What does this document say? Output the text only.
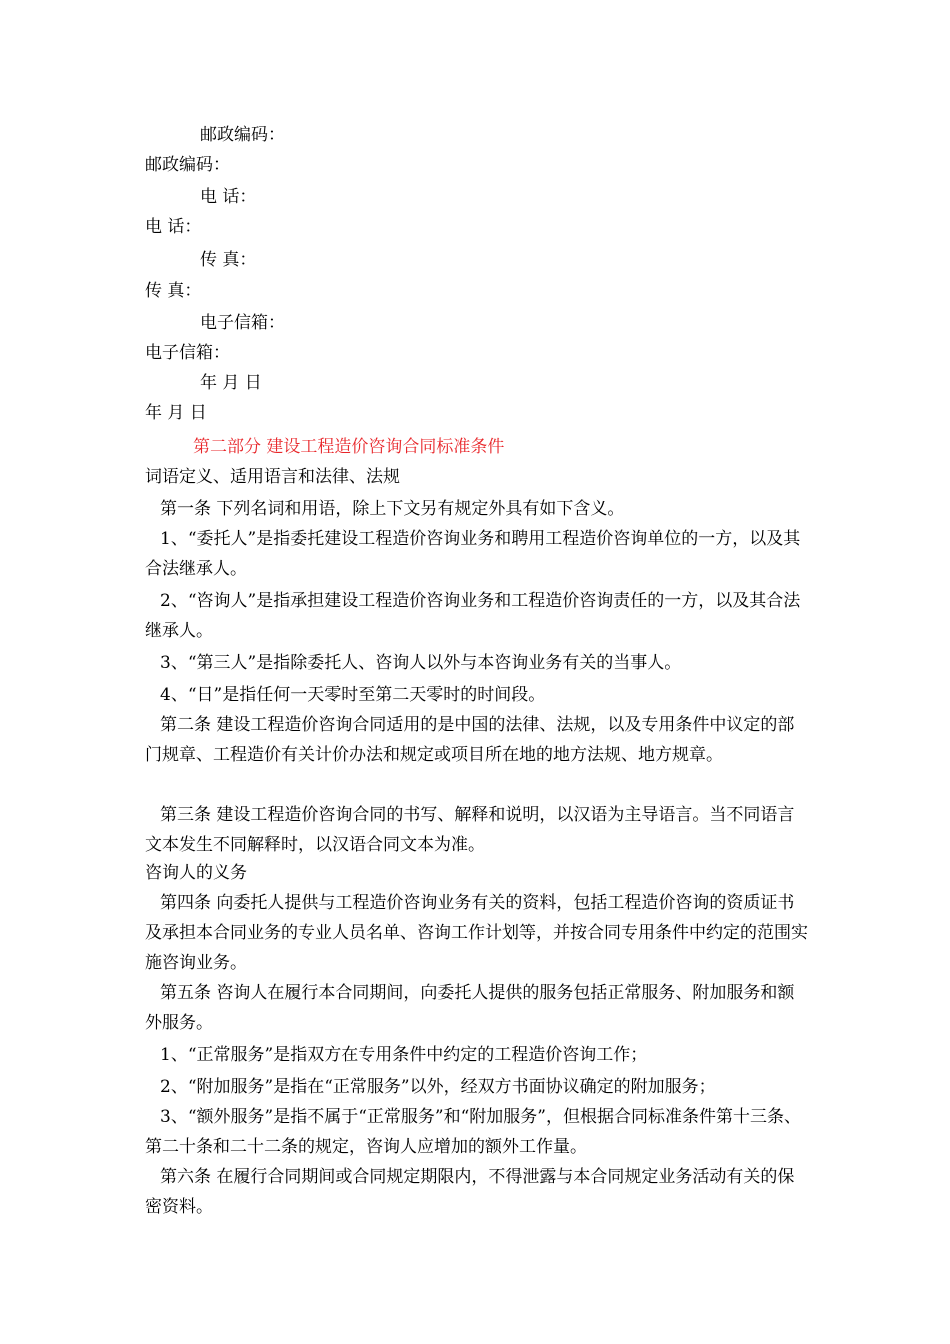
邮政编码：
邮政编码：
电 话：
电 话：
传 真：
传 真：
电子信箱：
电子信箱：
年 月 日
年 月 日
第二部分 建设工程造价咨询合同标准条件
词语定义、适用语言和法律、法规
第一条 下列名词和用语，除上下文另有规定外具有如下含义。
1、“委托人”是指委托建设工程造价咨询业务和聘用工程造价咨询单位的一方，以及其合法继承人。
2、“咨询人”是指承担建设工程造价咨询业务和工程造价咨询责任的一方，以及其合法继承人。
3、“第三人”是指除委托人、咨询人以外与本咨询业务有关的当事人。
4、“日”是指任何一天零时至第二天零时的时间段。
第二条 建设工程造价咨询合同适用的是中国的法律、法规，以及专用条件中议定的部门规章、工程造价有关计价办法和规定或项目所在地的地方法规、地方规章。
第三条 建设工程造价咨询合同的书写、解释和说明，以汉语为主导语言。当不同语言文本发生不同解释时，以汉语合同文本为准。
咨询人的义务
第四条 向委托人提供与工程造价咨询业务有关的资料，包括工程造价咨询的资质证书及承担本合同业务的专业人员名单、咨询工作计划等，并按合同专用条件中约定的范围实施咨询业务。
第五条 咨询人在履行本合同期间，向委托人提供的服务包括正常服务、附加服务和额外服务。
1、“正常服务”是指双方在专用条件中约定的工程造价咨询工作；
2、“附加服务”是指在“正常服务”以外，经双方书面协议确定的附加服务；
3、“额外服务”是指不属于“正常服务”和“附加服务”，但根据合同标准条件第十三条、第二十条和二十二条的规定，咨询人应增加的额外工作量。
第六条 在履行合同期间或合同规定期限内，不得泄露与本合同规定业务活动有关的保密资料。
